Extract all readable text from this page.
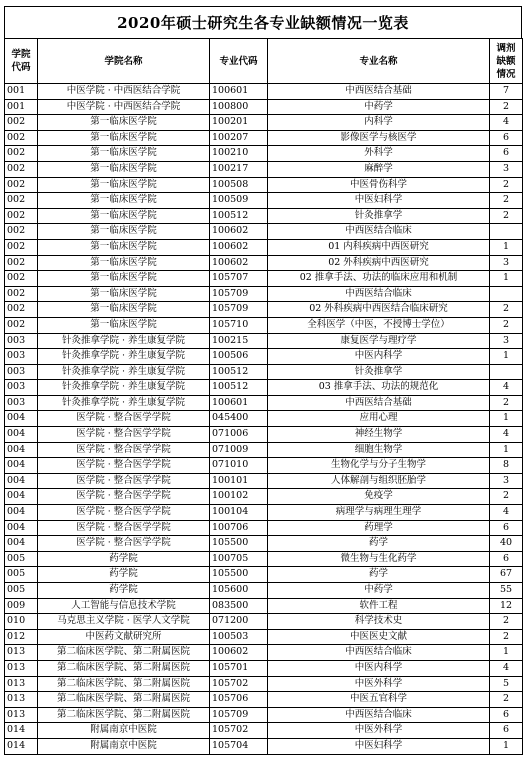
2020年硕士研究生各专业缺额情况一览表
学院代码	学院名称	专业代码	专业名称	调剂缺额情况
001	中医学院 · 中西医结合学院	100601	中西医结合基础	7
001	中医学院 · 中西医结合学院	100800	中药学	2
002	第一临床医学院	100201	内科学	4
002	第一临床医学院	100207	影像医学与核医学	6
002	第一临床医学院	100210	外科学	6
002	第一临床医学院	100217	麻醉学	3
002	第一临床医学院	100508	中医骨伤科学	2
002	第一临床医学院	100509	中医妇科学	2
002	第一临床医学院	100512	针灸推拿学	2
002	第一临床医学院	100602	中西医结合临床	
002	第一临床医学院	100602	01 内科疾病中西医研究	1
002	第一临床医学院	100602	02 外科疾病中西医研究	3
002	第一临床医学院	105707	02 推拿手法、功法的临床应用和机制	1
002	第一临床医学院	105709	中西医结合临床	
002	第一临床医学院	105709	02 外科疾病中西医结合临床研究	2
002	第一临床医学院	105710	全科医学（中医，不授博士学位）	2
003	针灸推拿学院 · 养生康复学院	100215	康复医学与理疗学	3
003	针灸推拿学院 · 养生康复学院	100506	中医内科学	1
003	针灸推拿学院 · 养生康复学院	100512	针灸推拿学	
003	针灸推拿学院 · 养生康复学院	100512	03 推拿手法、功法的规范化	4
003	针灸推拿学院 · 养生康复学院	100601	中西医结合基础	2
004	医学院 · 整合医学学院	045400	应用心理	1
004	医学院 · 整合医学学院	071006	神经生物学	4
004	医学院 · 整合医学学院	071009	细胞生物学	1
004	医学院 · 整合医学学院	071010	生物化学与分子生物学	8
004	医学院 · 整合医学学院	100101	人体解剖与组织胚胎学	3
004	医学院 · 整合医学学院	100102	免疫学	2
004	医学院 · 整合医学学院	100104	病理学与病理生理学	4
004	医学院 · 整合医学学院	100706	药理学	6
004	医学院 · 整合医学学院	105500	药学	40
005	药学院	100705	微生物与生化药学	6
005	药学院	105500	药学	67
005	药学院	105600	中药学	55
009	人工智能与信息技术学院	083500	软件工程	12
010	马克思主义学院 · 医学人文学院	071200	科学技术史	2
012	中医药文献研究所	100503	中医医史文献	2
013	第二临床医学院、第二附属医院	100602	中西医结合临床	1
013	第二临床医学院、第二附属医院	105701	中医内科学	4
013	第二临床医学院、第二附属医院	105702	中医外科学	5
013	第二临床医学院、第二附属医院	105706	中医五官科学	2
013	第二临床医学院、第二附属医院	105709	中西医结合临床	6
014	附属南京中医院	105702	中医外科学	6
014	附属南京中医院	105704	中医妇科学	1
